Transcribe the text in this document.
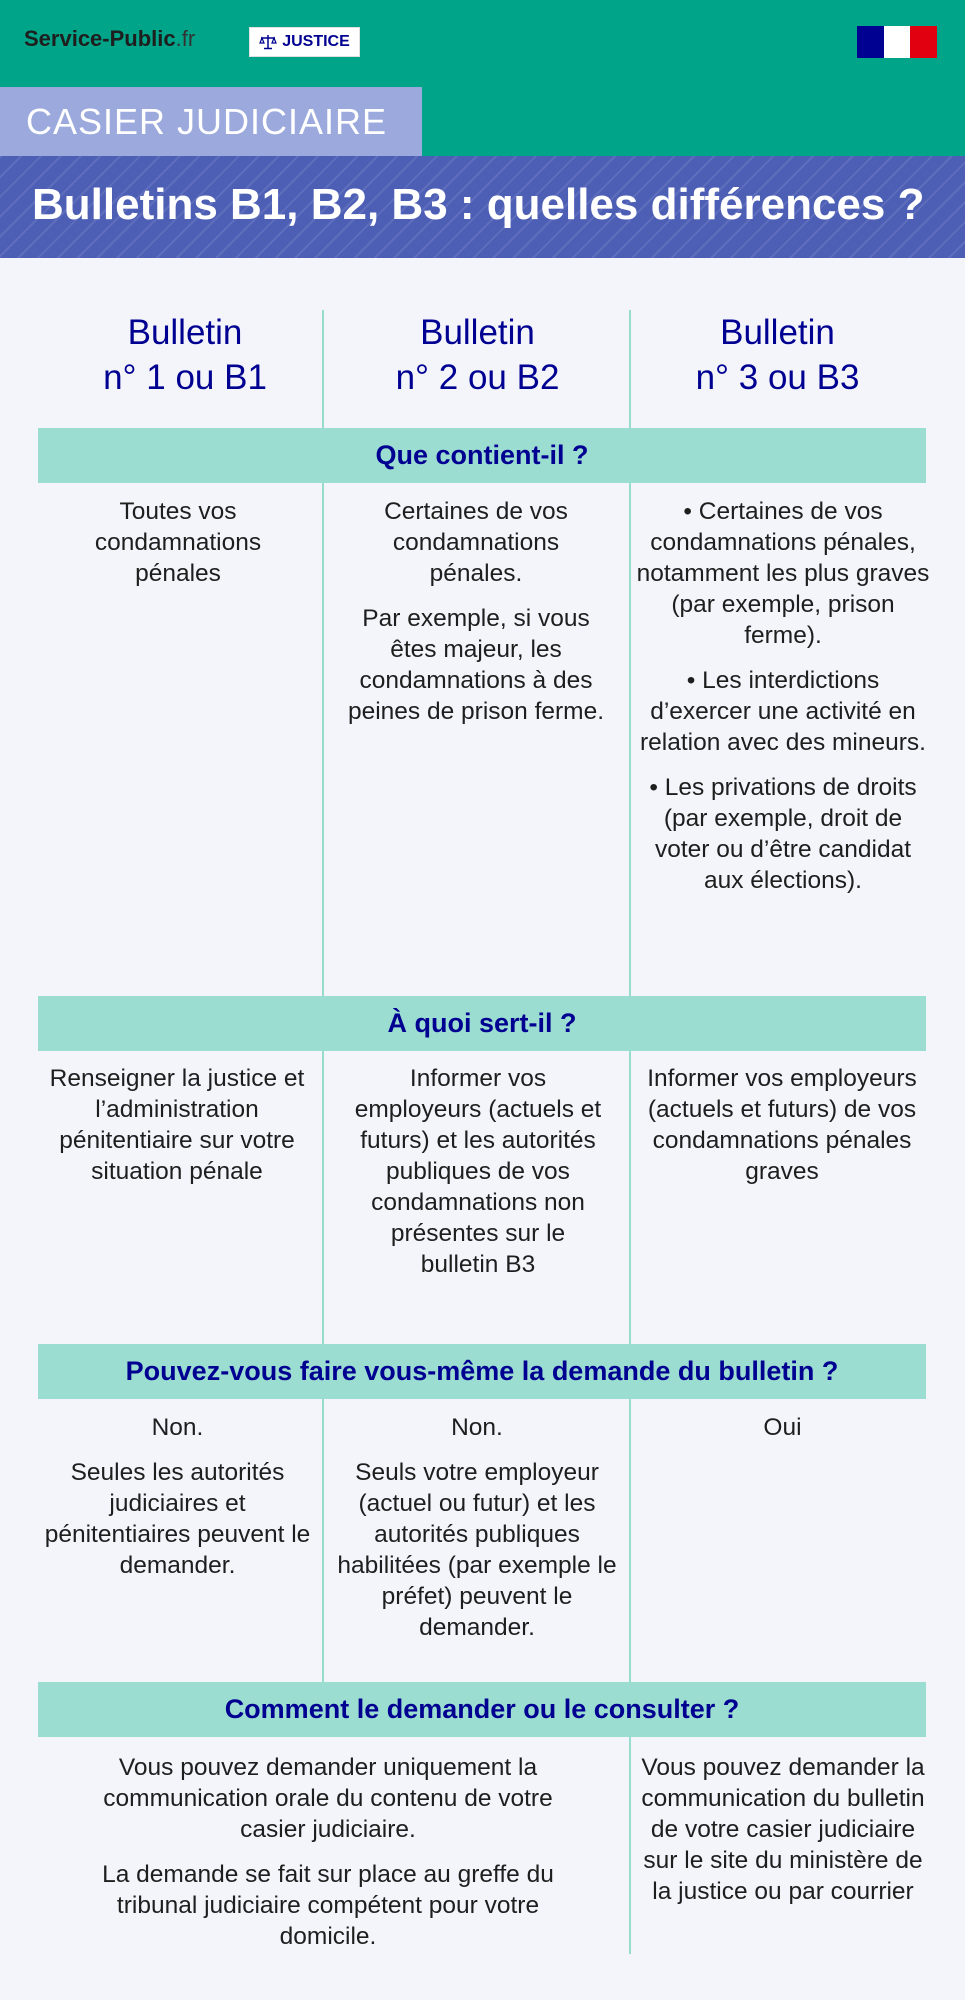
Service-Public.fr	JUSTICE
CASIER JUDICIAIRE
Bulletins B1, B2, B3 : quelles différences ?
Bulletin
n° 1 ou B1
Bulletin
n° 2 ou B2
Bulletin
n° 3 ou B3
Que contient-il ?

Toutes vos condamnations pénales

Certaines de vos condamnations pénales.

Par exemple, si vous êtes majeur, les condamnations à des peines de prison ferme.

• Certaines de vos condamnations pénales, notamment les plus graves (par exemple, prison ferme).

• Les interdictions d’exercer une activité en relation avec des mineurs.

• Les privations de droits (par exemple, droit de voter ou d’être candidat aux élections).

À quoi sert-il ?

Renseigner la justice et l’administration pénitentiaire sur votre situation pénale

Informer vos employeurs (actuels et futurs) et les autorités publiques de vos condamnations non présentes sur le bulletin B3

Informer vos employeurs (actuels et futurs) de vos condamnations pénales graves

Pouvez-vous faire vous-même la demande du bulletin ?

Non.

Seules les autorités judiciaires et pénitentiaires peuvent le demander.

Non.

Seuls votre employeur (actuel ou futur) et les autorités publiques habilitées (par exemple le préfet) peuvent le demander.

Oui

Comment le demander ou le consulter ?

Vous pouvez demander uniquement la communication orale du contenu de votre casier judiciaire.

La demande se fait sur place au greffe du tribunal judiciaire compétent pour votre domicile.

Vous pouvez demander la communication du bulletin de votre casier judiciaire sur le site du ministère de la justice ou par courrier
